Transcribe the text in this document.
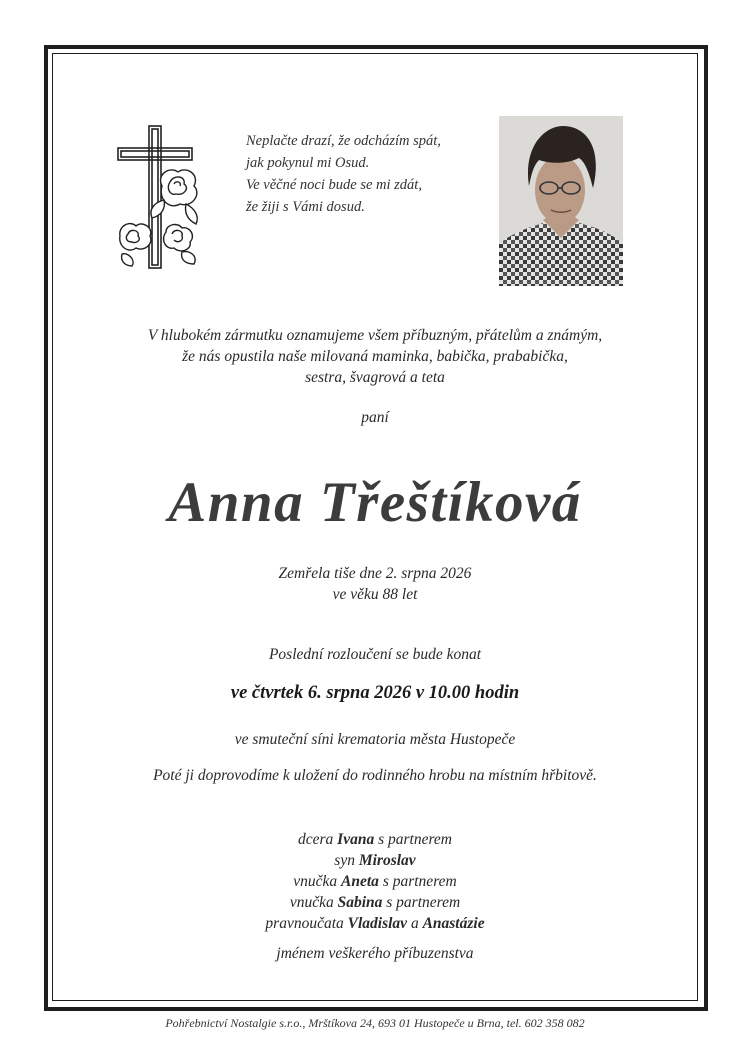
Neplačte drazí, že odcházím spát,
jak pokynul mi Osud.
Ve věčné noci bude se mi zdát,
že žiji s Vámi dosud.
V hlubokém zármutku oznamujeme všem příbuzným, přátelům a známým,
že nás opustila naše milovaná maminka, babička, prababička,
sestra, švagrová a teta
paní
Anna Třeštíková
Zemřela tiše dne 2. srpna 2026
ve věku 88 let
Poslední rozloučení se bude konat
ve čtvrtek 6. srpna 2026 v 10.00 hodin
ve smuteční síni krematoria města Hustopeče
Poté ji doprovodíme k uložení do rodinného hrobu na místním hřbitově.
dcera Ivana s partnerem
syn Miroslav
vnučka Aneta s partnerem
vnučka Sabina s partnerem
pravnoučata Vladislav a Anastázie
jménem veškerého příbuzenstva
Pohřebnictví Nostalgie s.r.o., Mrštíkova 24, 693 01 Hustopeče u Brna, tel. 602 358 082
